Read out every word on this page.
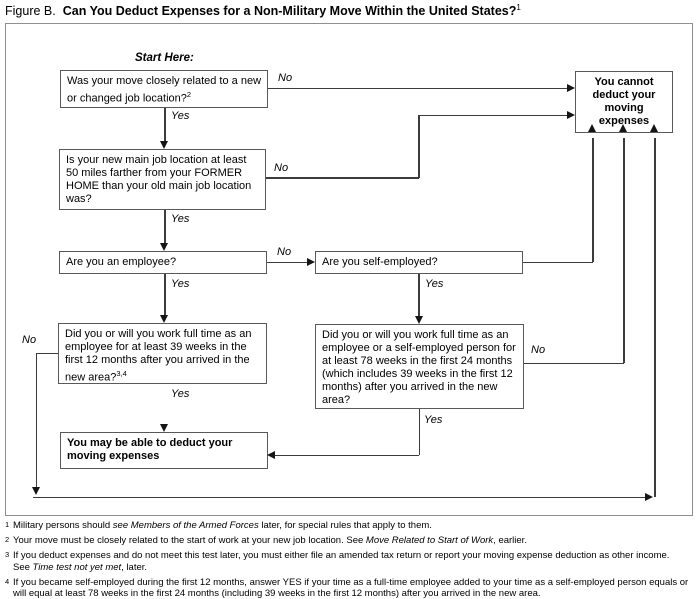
Figure B. Can You Deduct Expenses for a Non-Military Move Within the United States?$^1$
Start Here:
Was your move closely related to a new or changed job location?$^2$
Is your new main job location at least 50 miles farther from your FORMER HOME than your old main job location was?
Are you an employee?	Are you self-employed?
Did you or will you work full time as an employee for at least 39 weeks in the first 12 months after you arrived in the new area?$^{3,4}$
Did you or will you work full time as an employee or a self-employed person for at least 78 weeks in the first 24 months (which includes 39 weeks in the first 12 months) after you arrived in the new area?
You cannot deduct your moving expenses
You may be able to deduct your moving expenses
No
Yes
No
Yes
No
Yes	Yes
No
No
Yes
Yes
1 Military persons should see Members of the Armed Forces later, for special rules that apply to them.
2 Your move must be closely related to the start of work at your new job location. See Move Related to Start of Work, earlier.
3 If you deduct expenses and do not meet this test later, you must either file an amended tax return or report your moving expense deduction as other income.
See Time test not yet met, later.
4 If you became self-employed during the first 12 months, answer YES if your time as a full-time employee added to your time as a self-employed person equals or will equal at least 78 weeks in the first 24 months (including 39 weeks in the first 12 months) after you arrived in the new area.
